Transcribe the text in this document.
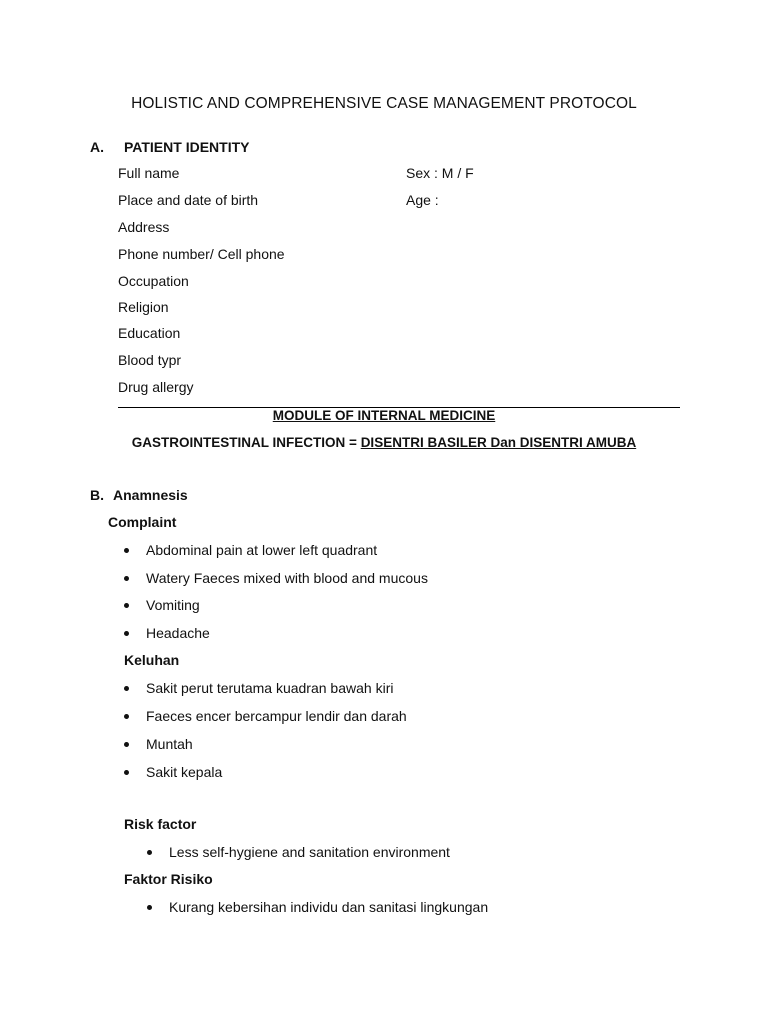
HOLISTIC AND COMPREHENSIVE CASE MANAGEMENT PROTOCOL
A. PATIENT IDENTITY
Full name
Place and date of birth
Address
Phone number/ Cell phone
Occupation
Religion
Education
Blood typr
Drug allergy
Sex : M / F
Age :
MODULE OF INTERNAL MEDICINE
GASTROINTESTINAL INFECTION = DISENTRI BASILER Dan DISENTRI AMUBA
B. Anamnesis
Complaint
Abdominal pain at lower left quadrant
Watery Faeces mixed with blood and mucous
Vomiting
Headache
Keluhan
Sakit perut terutama kuadran bawah kiri
Faeces encer bercampur lendir dan darah
Muntah
Sakit kepala
Risk factor
Less self-hygiene and sanitation environment
Faktor Risiko
Kurang kebersihan individu dan sanitasi lingkungan
